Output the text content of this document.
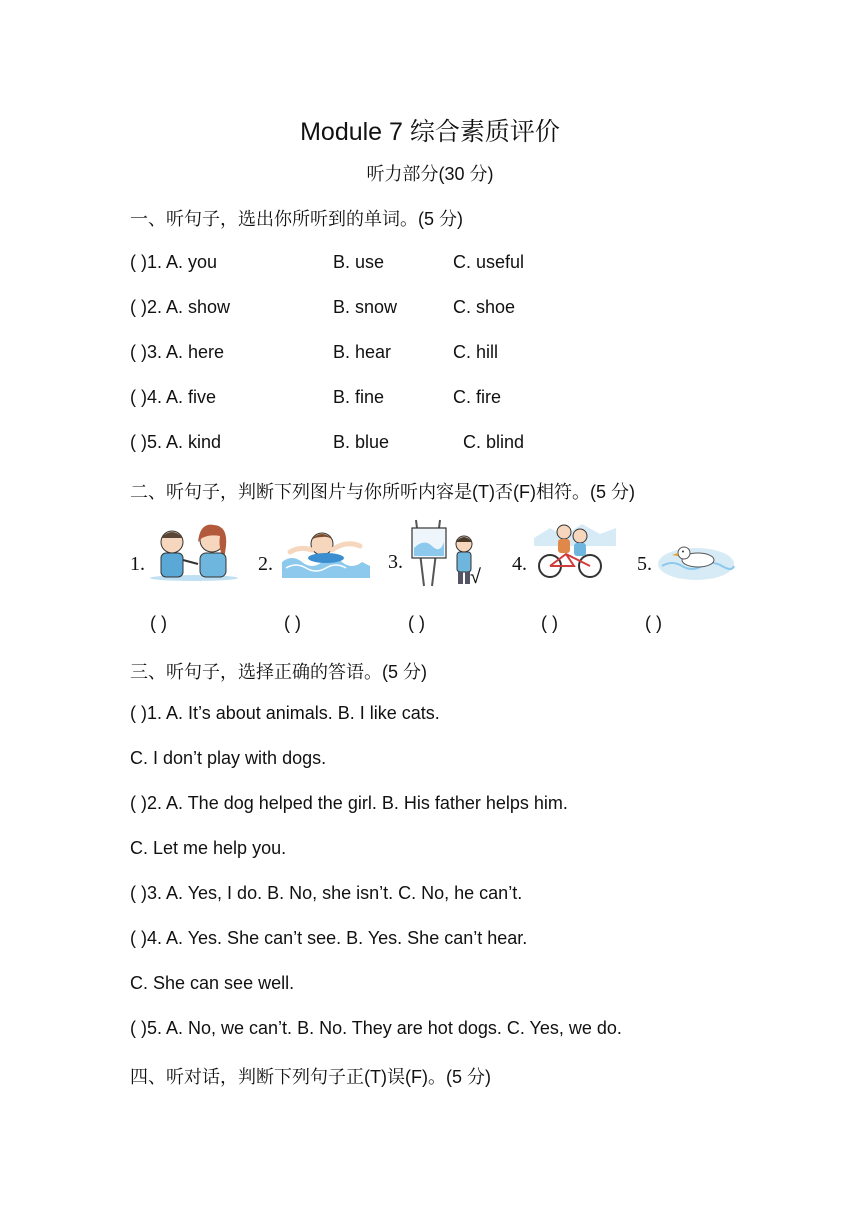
Module 7 综合素质评价
听力部分(30 分)
一、听句子，选出你所听到的单词。(5 分)
( )1. A. you	B. use	C. useful
( )2. A. show	B. snow	C. shoe
( )3. A. here	B. hear	C. hill
( )4. A. five	B. fine	C. fire
( )5. A. kind	B. blue	C. blind
二、听句子，判断下列图片与你所听内容是(T)否(F)相符。(5 分)
1.	2.	3.
√
4.	5.
( )	( )	( )	( )	( )
三、听句子，选择正确的答语。(5 分)
( )1. A. It’s about animals. B. I like cats.
C. I don’t play with dogs.
( )2. A. The dog helped the girl. B. His father helps him.
C. Let me help you.
( )3. A. Yes, I do. B. No, she isn’t. C. No, he can’t.
( )4. A. Yes. She can’t see. B. Yes. She can’t hear.
C. She can see well.
( )5. A. No, we can’t. B. No. They are hot dogs. C. Yes, we do.
四、听对话，判断下列句子正(T)误(F)。(5 分)
